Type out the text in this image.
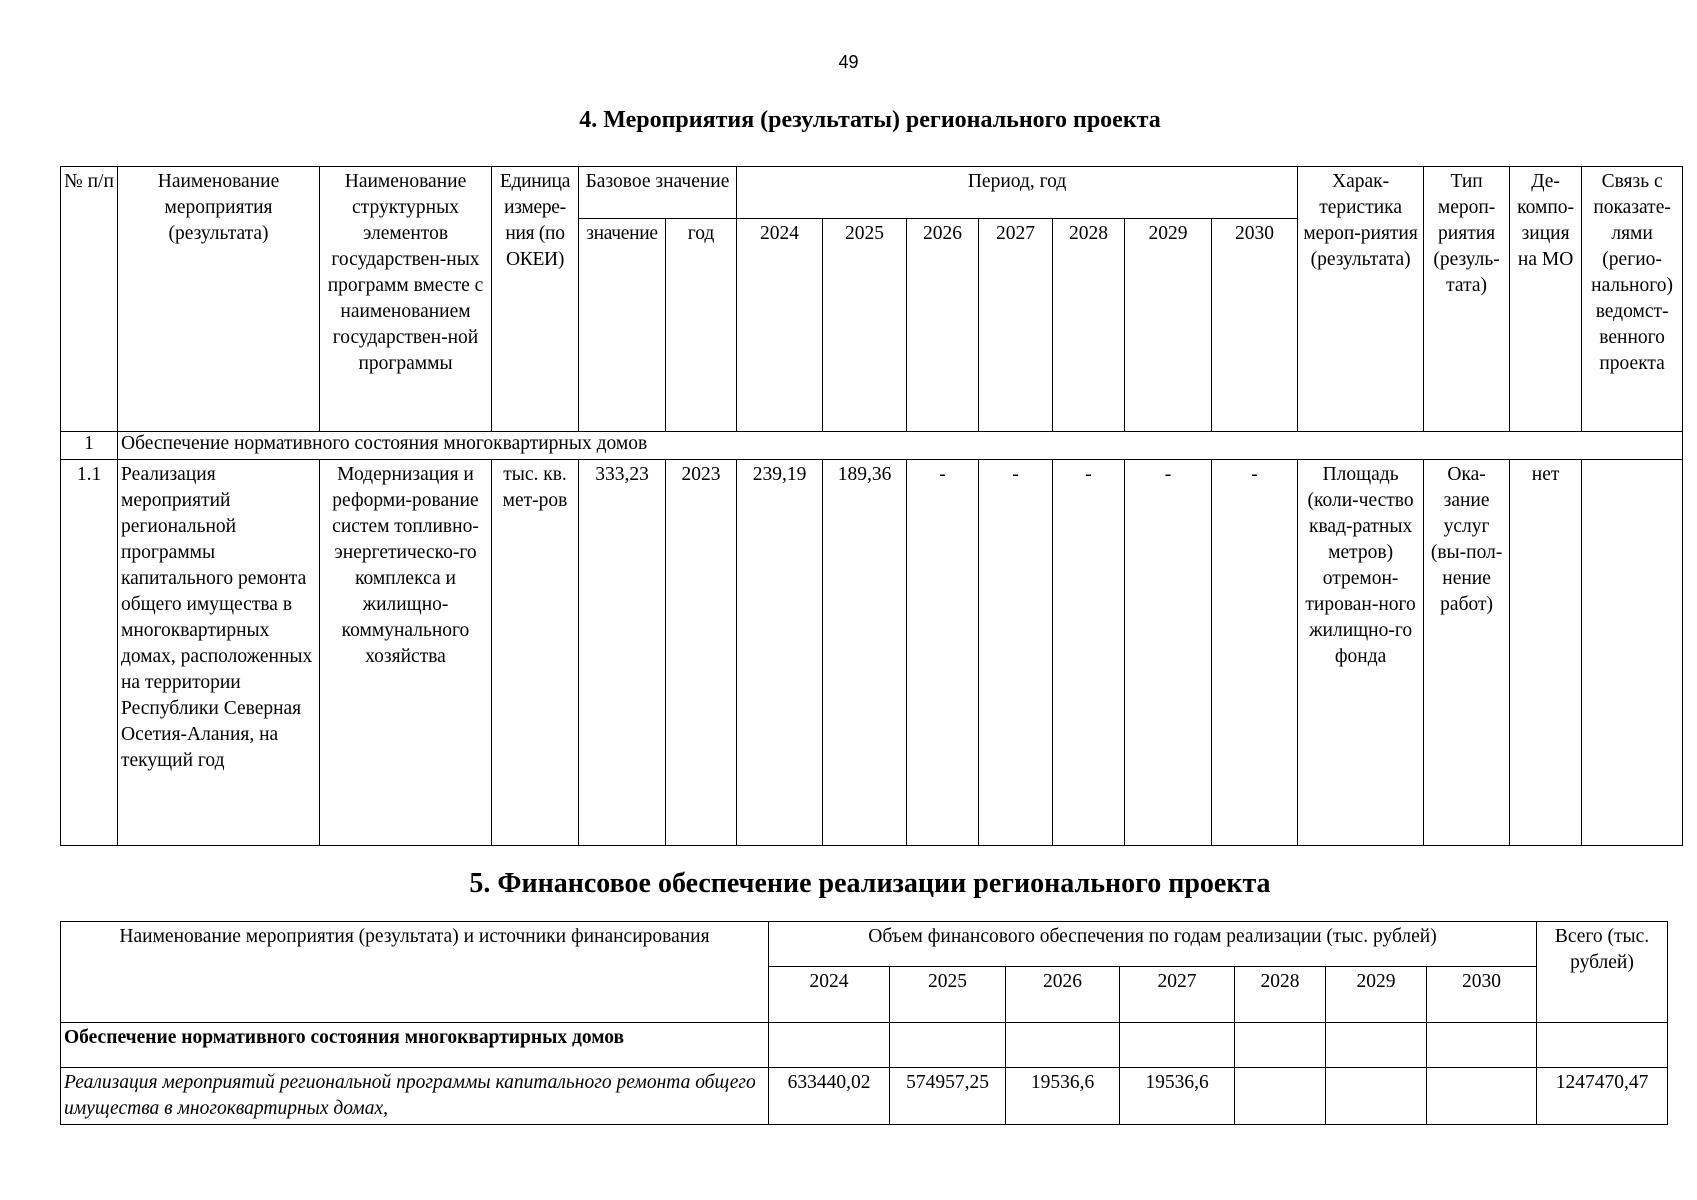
49
4. Мероприятия (результаты) регионального проекта
№ п/п	Наименование мероприятия (результата)	Наименование структурных элементов государствен-ных программ вместе с наименованием государствен-ной программы	Единица измере-ния (по ОКЕИ)	Базовое значение		Период, год							Харак-теристика мероп-риятия (результата)	Тип мероп-риятия (резуль-тата)	Де-компо-зиция на МО	Связь с показате-лями (регио-нального) ведомст-венного проекта
				значение	год	2024	2025	2026	2027	2028	2029	2030				
1	Обеспечение нормативного состояния многоквартирных домов															
1.1	Реализация мероприятий региональной программы капитального ремонта общего имущества в многоквартирных домах, расположенных на территории Республики Северная Осетия-Алания, на текущий год	Модернизация и реформи-рование систем топливно-энергетическо-го комплекса и жилищно-коммунального хозяйства	тыс. кв. мет-ров	333,23	2023	239,19	189,36	-	-	-	-	-	Площадь (коли-чество квад-ратных метров) отремон-тирован-ного жилищно-го фонда	Ока-зание услуг (вы-пол-нение работ)	нет	
5. Финансовое обеспечение реализации регионального проекта
Наименование мероприятия (результата) и источники финансирования	Объем финансового обеспечения по годам реализации (тыс. рублей)							Всего (тыс. рублей)
	2024	2025	2026	2027	2028	2029	2030	
Обеспечение нормативного состояния многоквартирных домов								
Реализация мероприятий региональной программы капитального ремонта общего имущества в многоквартирных домах,	633440,02	574957,25	19536,6	19536,6				1247470,47
